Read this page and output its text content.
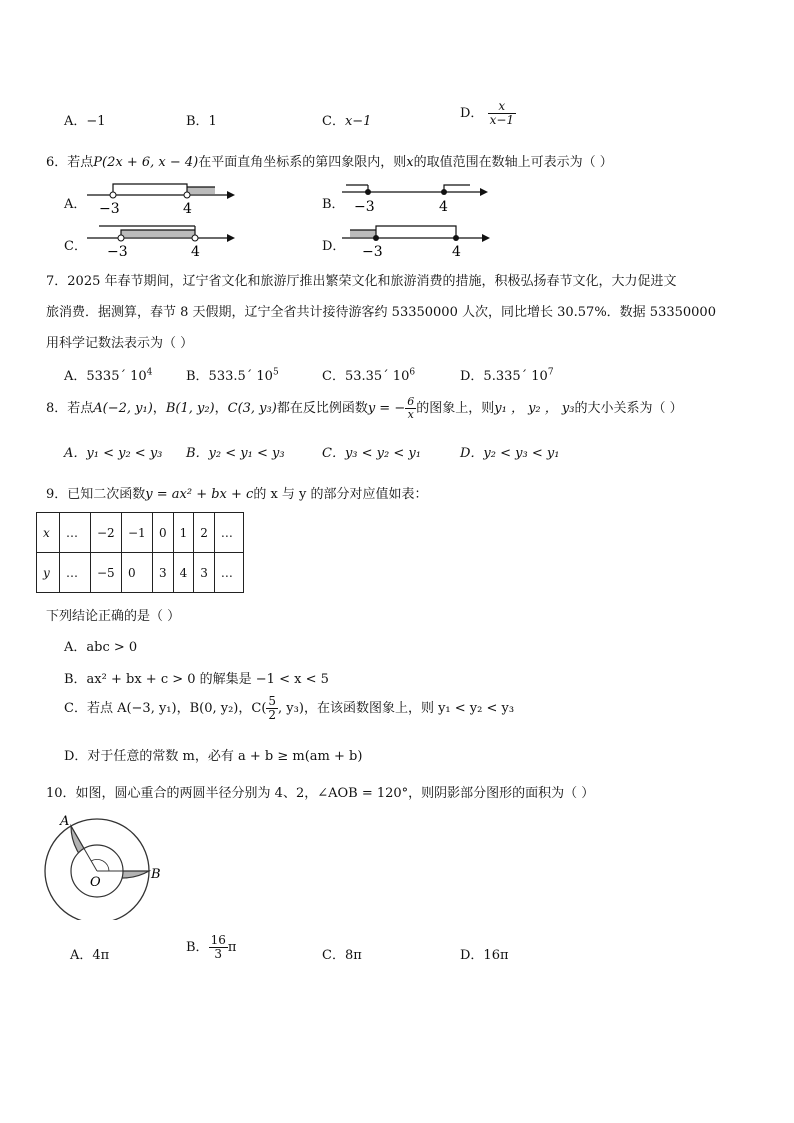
A．−1	B．1	C．x−1
D． $\frac{x}{x-1}$
6．若点P(2x + 6, x − 4)在平面直角坐标系的第四象限内，则x的取值范围在数轴上可表示为（ ）
A．	B．
C．	D．
−3	4	−3	4
−3	4	−3	4
7．2025 年春节期间，辽宁省文化和旅游厅推出繁荣文化和旅游消费的措施，积极弘扬春节文化，大力促进文
旅消费．据测算，春节 8 天假期，辽宁全省共计接待游客约 53350000 人次，同比增长 30.57%．数据 53350000
用科学记数法表示为（ ）
A．5335´ $10^4$	B．533.5´ $10^5$	C．53.35´ $10^6$	D．5.335´ $10^7$
8．若点A(−2, y₁)，B(1, y₂)，C(3, y₃)都在反比例函数y = − $\frac{6}{x}$ 的图象上，则y₁ ， y₂ ， y₃的大小关系为（ ）
A．y₁ < y₂ < y₃ B．y₂ < y₁ < y₃	C．y₃ < y₂ < y₁	D．y₂ < y₃ < y₁
9．已知二次函数y = ax² + bx + c的 x 与 y 的部分对应值如表：
x	…	−2	−1	0	1	2	…
y	…	−5	0	3	4	3	…
下列结论正确的是（ ）
A．abc > 0
B．ax² + bx + c > 0 的解集是 −1 < x < 5
C．若点 A(−3, y₁)，B(0, y₂)，$C( \frac{5}{2}$ , y₃)，在该函数图象上，则 y₁ < y₂ < y₃
D．对于任意的常数 m，必有 a + b ≥ m(am + b)
10．如图，圆心重合的两圆半径分别为 4、2，∠AOB = 120°，则阴影部分图形的面积为（ ）
A
B
O
A．4π
B． $\frac{16}{3}$ π
C．8π	D．16π
